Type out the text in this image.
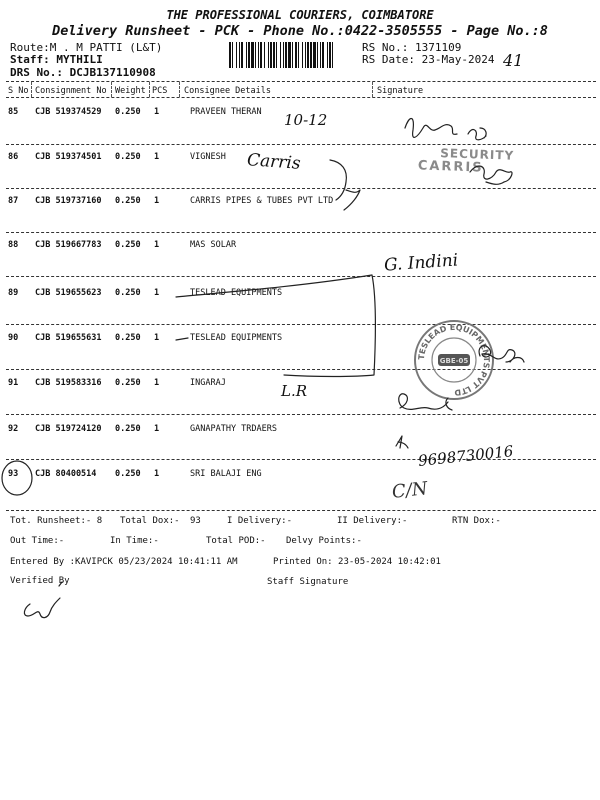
THE PROFESSIONAL COURIERS, COIMBATORE
Delivery Runsheet - PCK - Phone No.:0422-3505555 - Page No.:8
Route:M . M PATTI (L&T)
Staff: MYTHILI
DRS No.: DCJB137110908
RS No.: 1371109
RS Date: 23-May-2024 41
S No Consignment No Weight PCS Consignee Details	Signature
85 CJB 519374529 0.250 1	PRAVEEN THERAN
86 CJB 519374501 0.250 1	VIGNESH
87 CJB 519737160 0.250 1	CARRIS PIPES & TUBES PVT LTD
88 CJB 519667783 0.250 1	MAS SOLAR
89 CJB 519655623 0.250 1	TESLEAD EQUIPMENTS
90 CJB 519655631 0.250 1	TESLEAD EQUIPMENTS
91 CJB 519583316 0.250 1	INGARAJ
92 CJB 519724120 0.250 1	GANAPATHY TRDAERS
93 CJB 80400514 0.250 1	SRI BALAJI ENG
10-12
Carris
G. Indini
L.R
9698730016
C/N
SECURITY
CARRIS
TESLEAD EQUIPMENTS PVT LTD
GBE-05
Tot. Runsheet:- 8 Total Dox:- 93	I Delivery:-	II Delivery:-	RTN Dox:-
Out Time:-	In Time:-	Total POD:- Delvy Points:-
Entered By :KAVIPCK 05/23/2024 10:41:11 AM	Printed On: 23-05-2024 10:42:01
Verified By	Staff Signature
